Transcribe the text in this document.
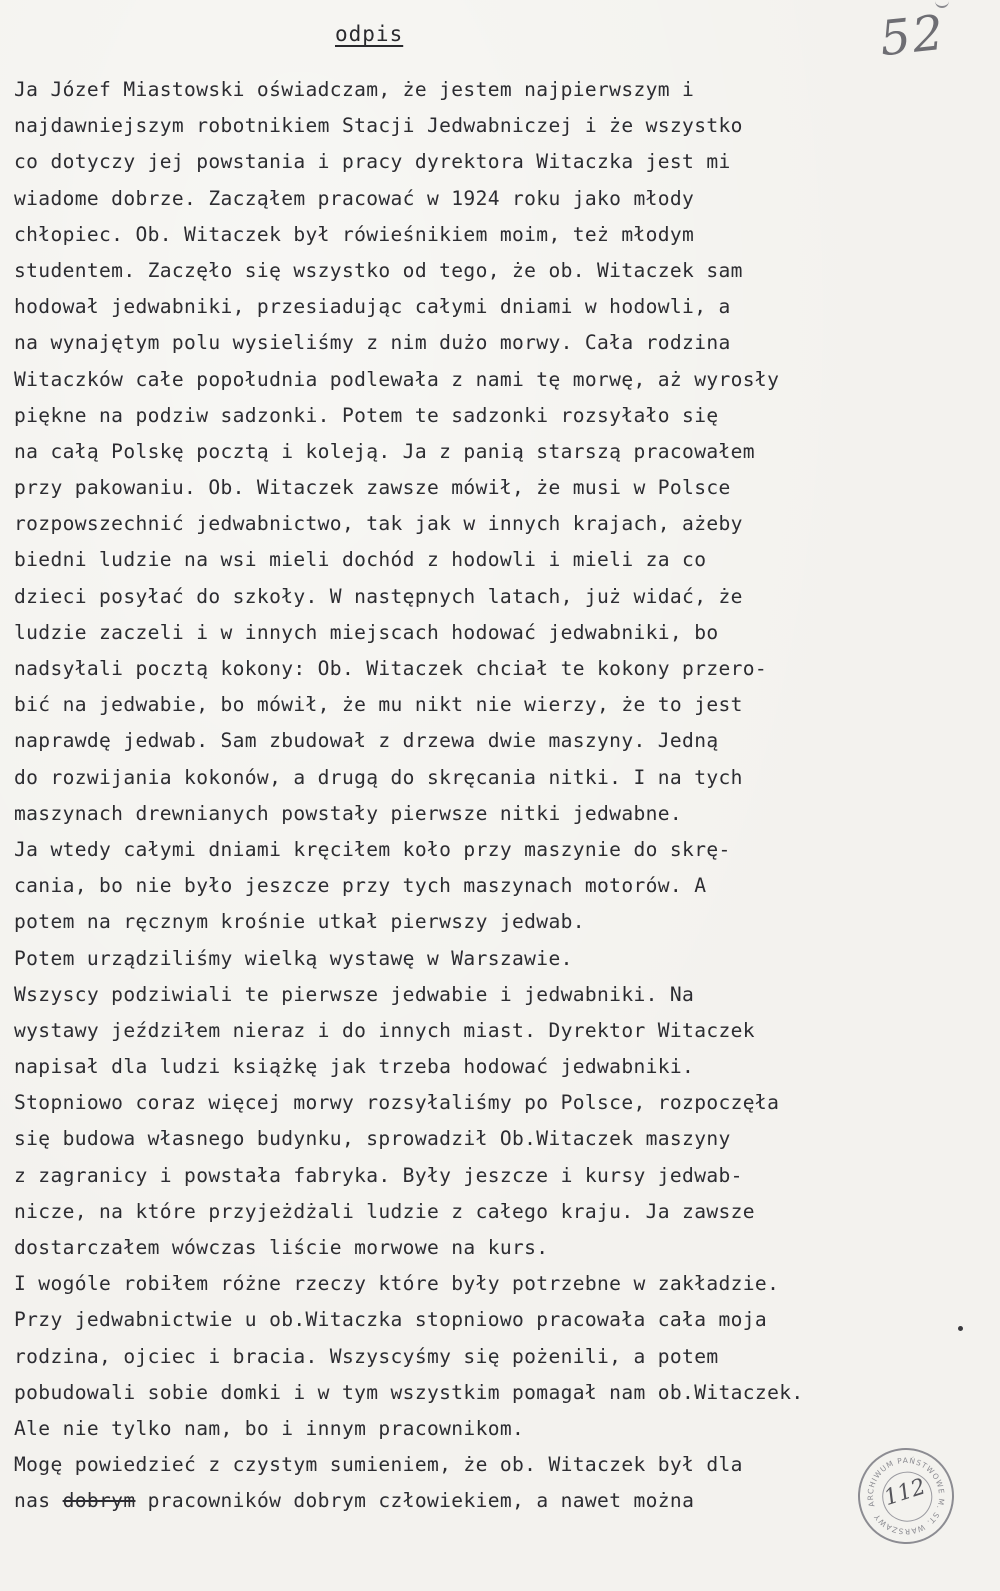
odpis	52
Ja Józef Miastowski oświadczam, że jestem najpierwszym i
najdawniejszym robotnikiem Stacji Jedwabniczej i że wszystko
co dotyczy jej powstania i pracy dyrektora Witaczka jest mi
wiadome dobrze. Zacząłem pracować w 1924 roku jako młody
chłopiec. Ob. Witaczek był rówieśnikiem moim, też młodym
studentem. Zaczęło się wszystko od tego, że ob. Witaczek sam
hodował jedwabniki, przesiadując całymi dniami w hodowli, a
na wynajętym polu wysieliśmy z nim dużo morwy. Cała rodzina
Witaczków całe popołudnia podlewała z nami tę morwę, aż wyrosły
piękne na podziw sadzonki. Potem te sadzonki rozsyłało się
na całą Polskę pocztą i koleją. Ja z panią starszą pracowałem
przy pakowaniu. Ob. Witaczek zawsze mówił, że musi w Polsce
rozpowszechnić jedwabnictwo, tak jak w innych krajach, ażeby
biedni ludzie na wsi mieli dochód z hodowli i mieli za co
dzieci posyłać do szkoły. W następnych latach, już widać, że
ludzie zaczeli i w innych miejscach hodować jedwabniki, bo
nadsyłali pocztą kokony: Ob. Witaczek chciał te kokony przero-
bić na jedwabie, bo mówił, że mu nikt nie wierzy, że to jest
naprawdę jedwab. Sam zbudował z drzewa dwie maszyny. Jedną
do rozwijania kokonów, a drugą do skręcania nitki. I na tych
maszynach drewnianych powstały pierwsze nitki jedwabne.
Ja wtedy całymi dniami kręciłem koło przy maszynie do skrę-
cania, bo nie było jeszcze przy tych maszynach motorów. A
potem na ręcznym krośnie utkał pierwszy jedwab.
Potem urządziliśmy wielką wystawę w Warszawie.
Wszyscy podziwiali te pierwsze jedwabie i jedwabniki. Na
wystawy jeździłem nieraz i do innych miast. Dyrektor Witaczek
napisał dla ludzi książkę jak trzeba hodować jedwabniki.
Stopniowo coraz więcej morwy rozsyłaliśmy po Polsce, rozpoczęła
się budowa własnego budynku, sprowadził Ob.Witaczek maszyny
z zagranicy i powstała fabryka. Były jeszcze i kursy jedwab-
nicze, na które przyjeżdżali ludzie z całego kraju. Ja zawsze
dostarczałem wówczas liście morwowe na kurs.
I wogóle robiłem różne rzeczy które były potrzebne w zakładzie.
Przy jedwabnictwie u ob.Witaczka stopniowo pracowała cała moja
rodzina, ojciec i bracia. Wszyscyśmy się pożenili, a potem
pobudowali sobie domki i w tym wszystkim pomagał nam ob.Witaczek.
Ale nie tylko nam, bo i innym pracownikom.
Mogę powiedzieć z czystym sumieniem, że ob. Witaczek był dla
nas dobrym pracowników dobrym człowiekiem, a nawet można	ARCHIWUM PAŃSTWOWE M. ST. WARSZAWY
112
